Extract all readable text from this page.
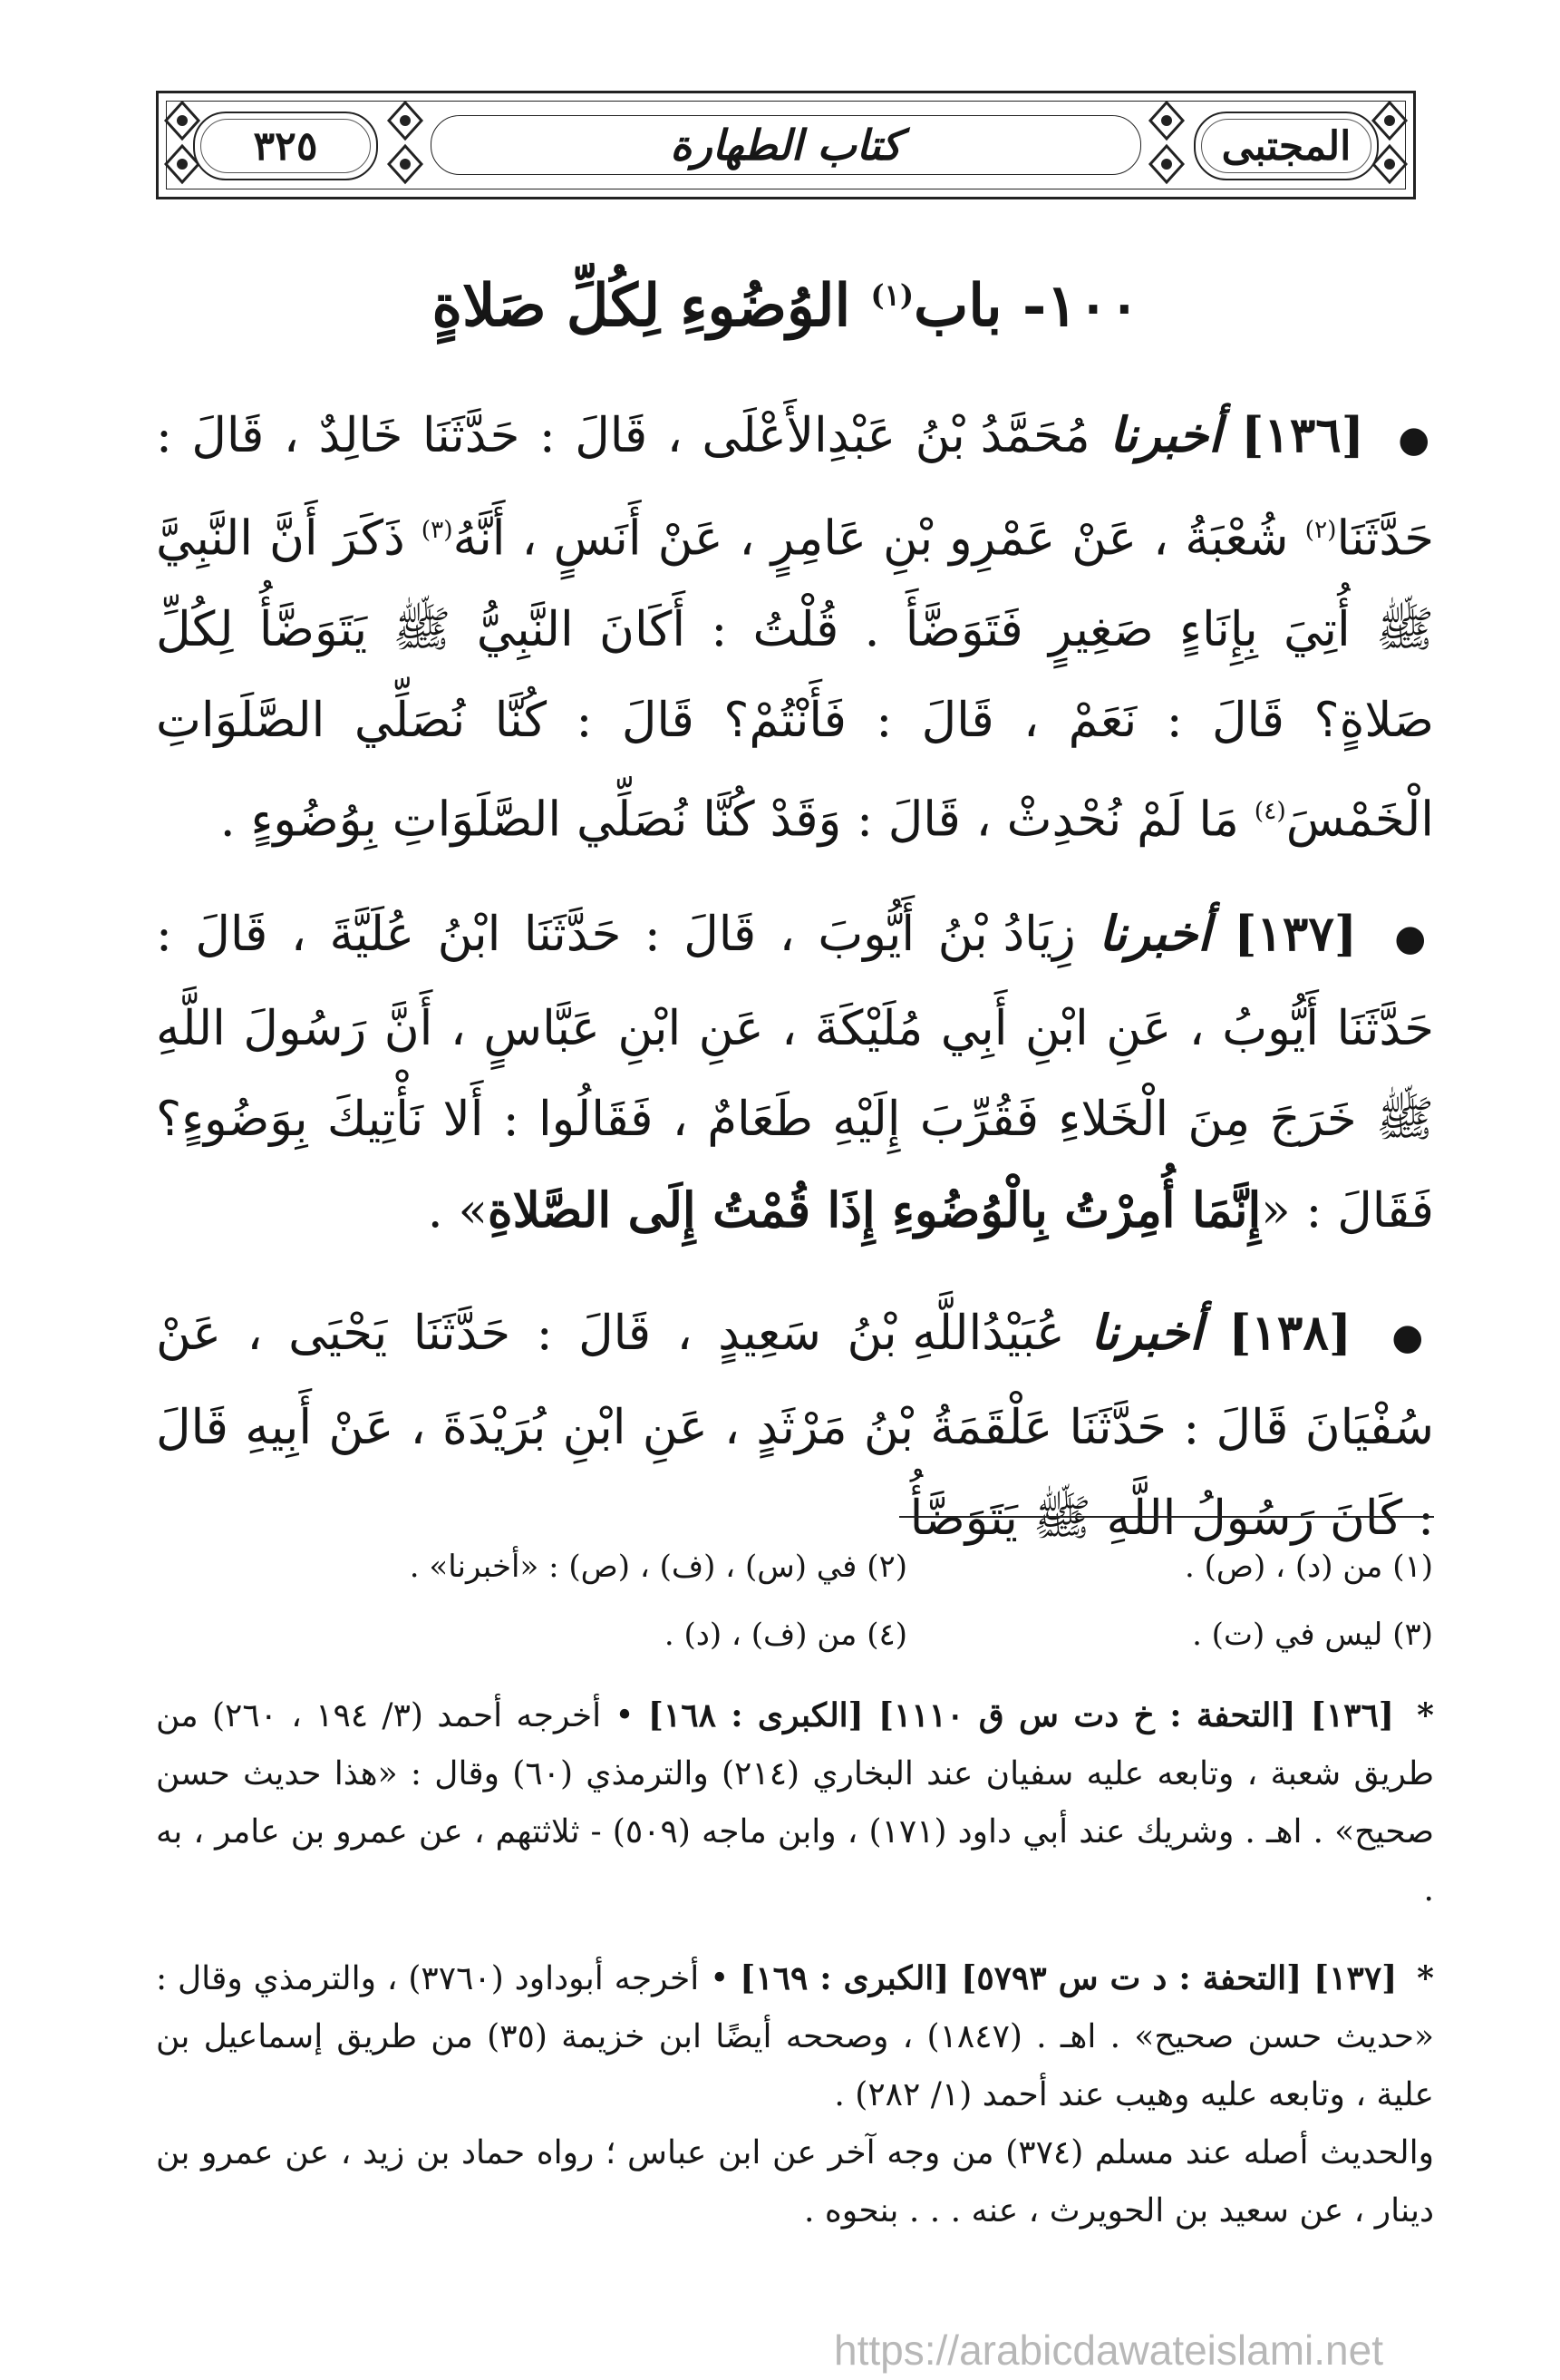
٣٢٥	كتاب الطهارة	المجتبى
١٠٠- باب$^{(١)}$ الوُضُوءِ لِكُلِّ صَلاةٍ

● [١٣٦] أخبرنا مُحَمَّدُ بْنُ عَبْدِالأَعْلَى ، قَالَ : حَدَّثَنَا خَالِدٌ ، قَالَ : حَدَّثَنَا$^{(٢)}$ شُعْبَةُ ، عَنْ عَمْرِو بْنِ عَامِرٍ ، عَنْ أَنَسٍ ، أَنَّهُ$^{(٣)}$ ذَكَرَ أَنَّ النَّبِيَّ ﷺ أُتِيَ بِإِنَاءٍ صَغِيرٍ فَتَوَضَّأَ . قُلْتُ : أَكَانَ النَّبِيُّ ﷺ يَتَوَضَّأُ لِكُلِّ صَلاةٍ؟ قَالَ : نَعَمْ ، قَالَ : فَأَنْتُمْ؟ قَالَ : كُنَّا نُصَلِّي الصَّلَوَاتِ الْخَمْسَ$^{(٤)}$ مَا لَمْ نُحْدِثْ ، قَالَ : وَقَدْ كُنَّا نُصَلِّي الصَّلَوَاتِ بِوُضُوءٍ .

● [١٣٧] أخبرنا زِيَادُ بْنُ أَيُّوبَ ، قَالَ : حَدَّثَنَا ابْنُ عُلَيَّةَ ، قَالَ : حَدَّثَنَا أَيُّوبُ ، عَنِ ابْنِ أَبِي مُلَيْكَةَ ، عَنِ ابْنِ عَبَّاسٍ ، أَنَّ رَسُولَ اللَّهِ ﷺ خَرَجَ مِنَ الْخَلاءِ فَقُرِّبَ إِلَيْهِ طَعَامٌ ، فَقَالُوا : أَلا نَأْتِيكَ بِوَضُوءٍ؟ فَقَالَ : «إِنَّمَا أُمِرْتُ بِالْوُضُوءِ إِذَا قُمْتُ إِلَى الصَّلاةِ» .

● [١٣٨] أخبرنا عُبَيْدُاللَّهِ بْنُ سَعِيدٍ ، قَالَ : حَدَّثَنَا يَحْيَى ، عَنْ سُفْيَانَ قَالَ : حَدَّثَنَا عَلْقَمَةُ بْنُ مَرْثَدٍ ، عَنِ ابْنِ بُرَيْدَةَ ، عَنْ أَبِيهِ قَالَ : كَانَ رَسُولُ اللَّهِ ﷺ يَتَوَضَّأُ

(١) من (د) ، (ص) .
(٢) في (س) ، (ف) ، (ص) : «أخبرنا» .
(٣) ليس في (ت) .
(٤) من (ف) ، (د) .

* [١٣٦] [التحفة : خ دت س ق ١١١٠] [الكبرى : ١٦٨] • أخرجه أحمد (٣/ ١٩٤ ، ٢٦٠) من طريق شعبة ، وتابعه عليه سفيان عند البخاري (٢١٤) والترمذي (٦٠) وقال : «هذا حديث حسن صحيح» . اهـ . وشريك عند أبي داود (١٧١) ، وابن ماجه (٥٠٩) - ثلاثتهم ، عن عمرو بن عامر ، به .

* [١٣٧] [التحفة : د ت س ٥٧٩٣] [الكبرى : ١٦٩] • أخرجه أبوداود (٣٧٦٠) ، والترمذي وقال : «حديث حسن صحيح» . اهـ . (١٨٤٧) ، وصححه أيضًا ابن خزيمة (٣٥) من طريق إسماعيل بن علية ، وتابعه عليه وهيب عند أحمد (١/ ٢٨٢) .

والحديث أصله عند مسلم (٣٧٤) من وجه آخر عن ابن عباس ؛ رواه حماد بن زيد ، عن عمرو بن دينار ، عن سعيد بن الحويرث ، عنه . . . بنحوه .

https://arabicdawateislami.net
